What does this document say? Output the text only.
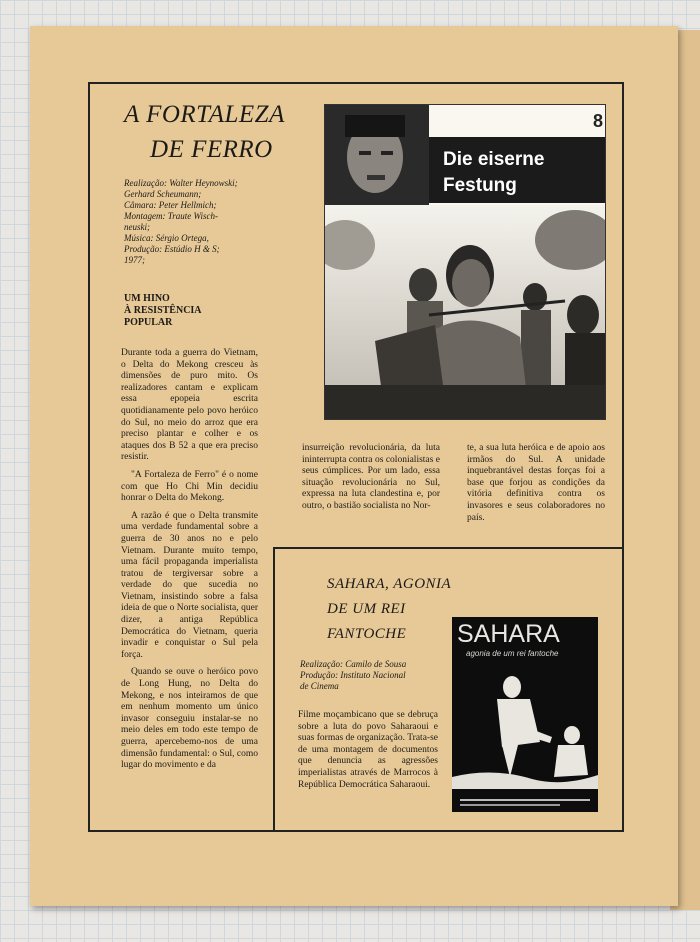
A FORTALEZA
DE FERRO
Realização: Walter Heynowski;
Gerhard Scheumann;
Câmara: Peter Hellmich;
Montagem: Traute Wisch-
neuski;
Música: Sérgio Ortega,
Produção: Estúdio H & S;
1977;
UM HINO
À RESISTÊNCIA
POPULAR

Durante toda a guerra do Vietnam, o Delta do Mekong cresceu às dimensões de puro mito. Os realizadores cantam e explicam essa epopeia escrita quotidianamente pelo povo heróico do Sul, no meio do arroz que era preciso plantar e colher e os ataques dos B 52 a que era preciso resistir.

"A Fortaleza de Ferro" é o nome com que Ho Chi Min decidiu honrar o Delta do Mekong.

A razão é que o Delta transmite uma verdade fundamental sobre a guerra de 30 anos no e pelo Vietnam. Durante muito tempo, uma fácil propaganda imperialista tratou de tergiversar sobre a verdade do que sucedia no Vietnam, insistindo sobre a falsa ideia de que o Norte socialista, quer dizer, a antiga República Democrática do Vietnam, queria invadir e conquistar o Sul pela força.

Quando se ouve o heróico povo de Long Hung, no Delta do Mekong, e nos inteiramos de que em nenhum momento um único invasor conseguiu instalar-se no meio deles em todo este tempo de guerra, apercebemo-nos de uma dimensão fundamental: o Sul, como lugar do movimento e da

8
Die eiserne
Festung
insurreição revolucionária, da luta ininterrupta contra os colonialistas e seus cúmplices. Por um lado, essa situação revolucionária no Sul, expressa na luta clandestina e, por outro, o bastião socialista no Nor-
te, a sua luta heróica e de apoio aos irmãos do Sul. A unidade inquebrantável destas forças foi a base que forjou as condições da vitória definitiva contra os invasores e seus colaboradores no país.
SAHARA, AGONIA
DE UM REI
FANTOCHE
Realização: Camilo de Sousa
Produção: Instituto Nacional
de Cinema
Filme moçambicano que se debruça sobre a luta do povo Saharaoui e suas formas de organização. Trata-se de uma montagem de documentos que denuncia as agressões imperialistas através de Marrocos à República Democrática Saharaoui.
SAHARA
agonia de um rei fantoche
